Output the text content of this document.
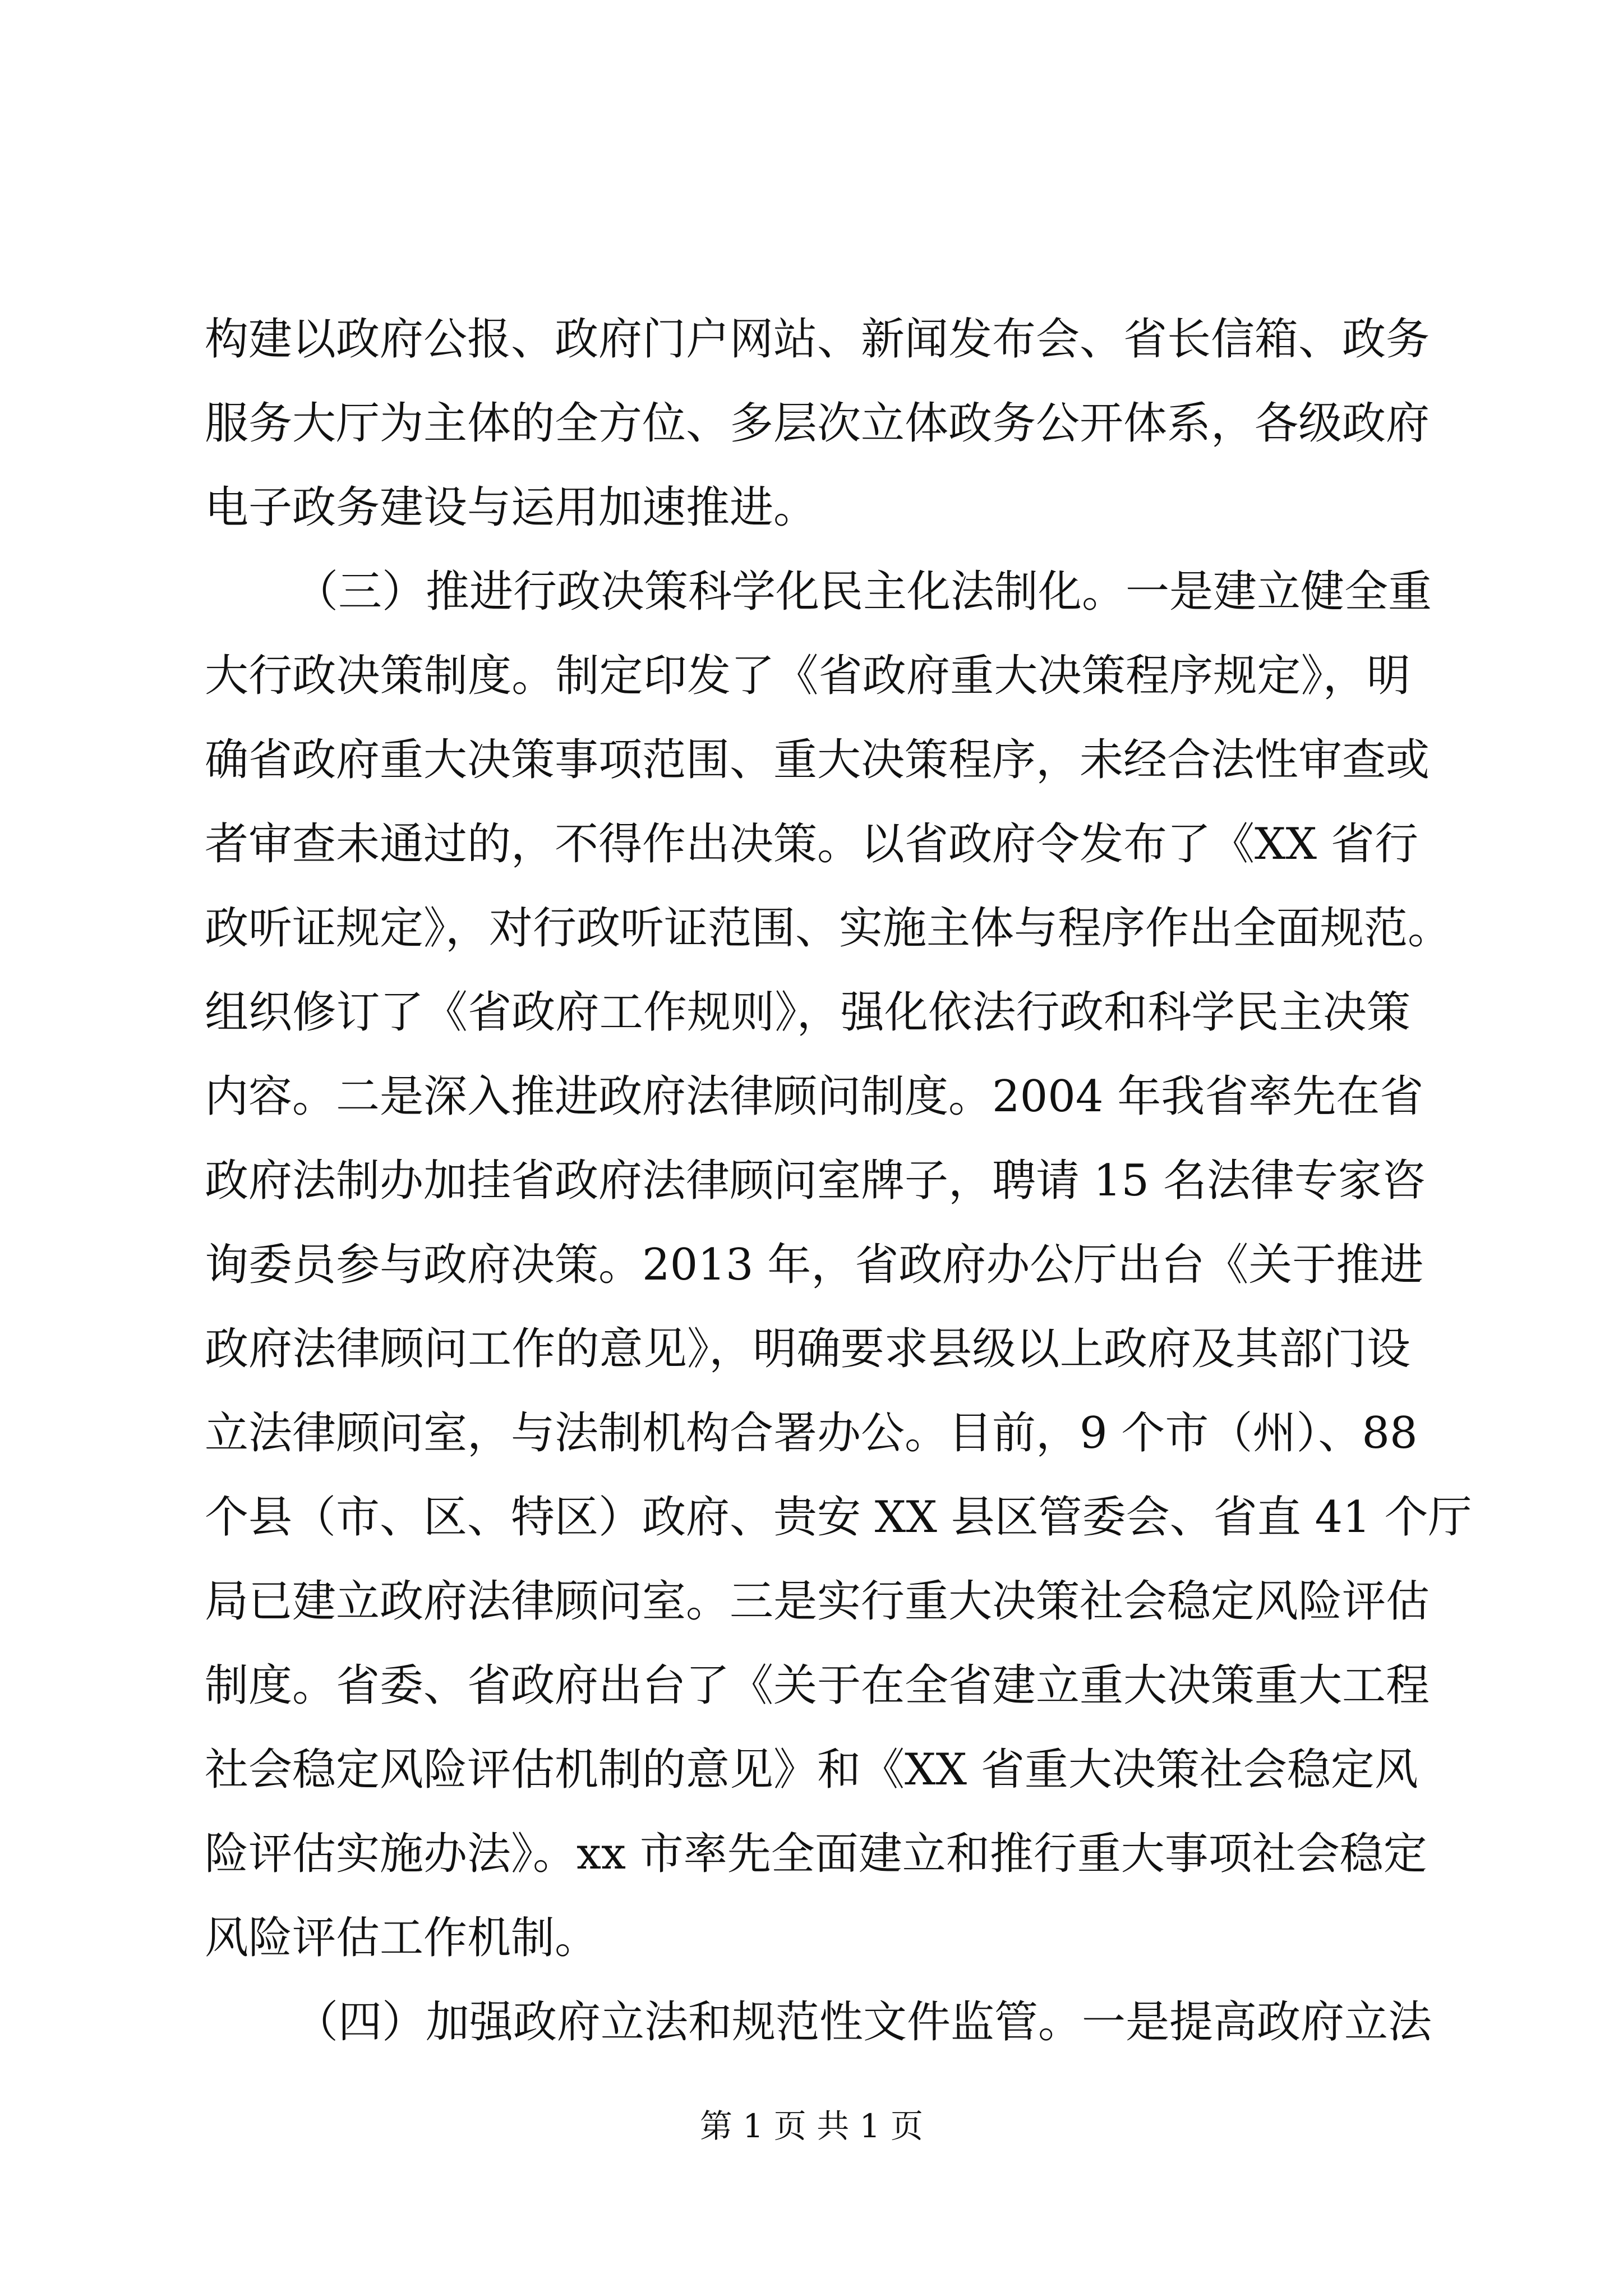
构建以政府公报、政府门户网站、新闻发布会、省长信箱、政务
服务大厅为主体的全方位、多层次立体政务公开体系，各级政府
电子政务建设与运用加速推进。
（三）推进行政决策科学化民主化法制化。一是建立健全重
大行政决策制度。制定印发了《省政府重大决策程序规定》，明
确省政府重大决策事项范围、重大决策程序，未经合法性审查或
者审查未通过的，不得作出决策。以省政府令发布了《XX 省行
政听证规定》，对行政听证范围、实施主体与程序作出全面规范。
组织修订了《省政府工作规则》，强化依法行政和科学民主决策
内容。二是深入推进政府法律顾问制度。2004 年我省率先在省
政府法制办加挂省政府法律顾问室牌子，聘请 15 名法律专家咨
询委员参与政府决策。2013 年，省政府办公厅出台《关于推进
政府法律顾问工作的意见》，明确要求县级以上政府及其部门设
立法律顾问室，与法制机构合署办公。目前，9 个市（州）、88
个县（市、区、特区）政府、贵安 XX 县区管委会、省直 41 个厅
局已建立政府法律顾问室。三是实行重大决策社会稳定风险评估
制度。省委、省政府出台了《关于在全省建立重大决策重大工程
社会稳定风险评估机制的意见》和《XX 省重大决策社会稳定风
险评估实施办法》。xx 市率先全面建立和推行重大事项社会稳定
风险评估工作机制。
（四）加强政府立法和规范性文件监管。一是提高政府立法
第 1 页 共 1 页
